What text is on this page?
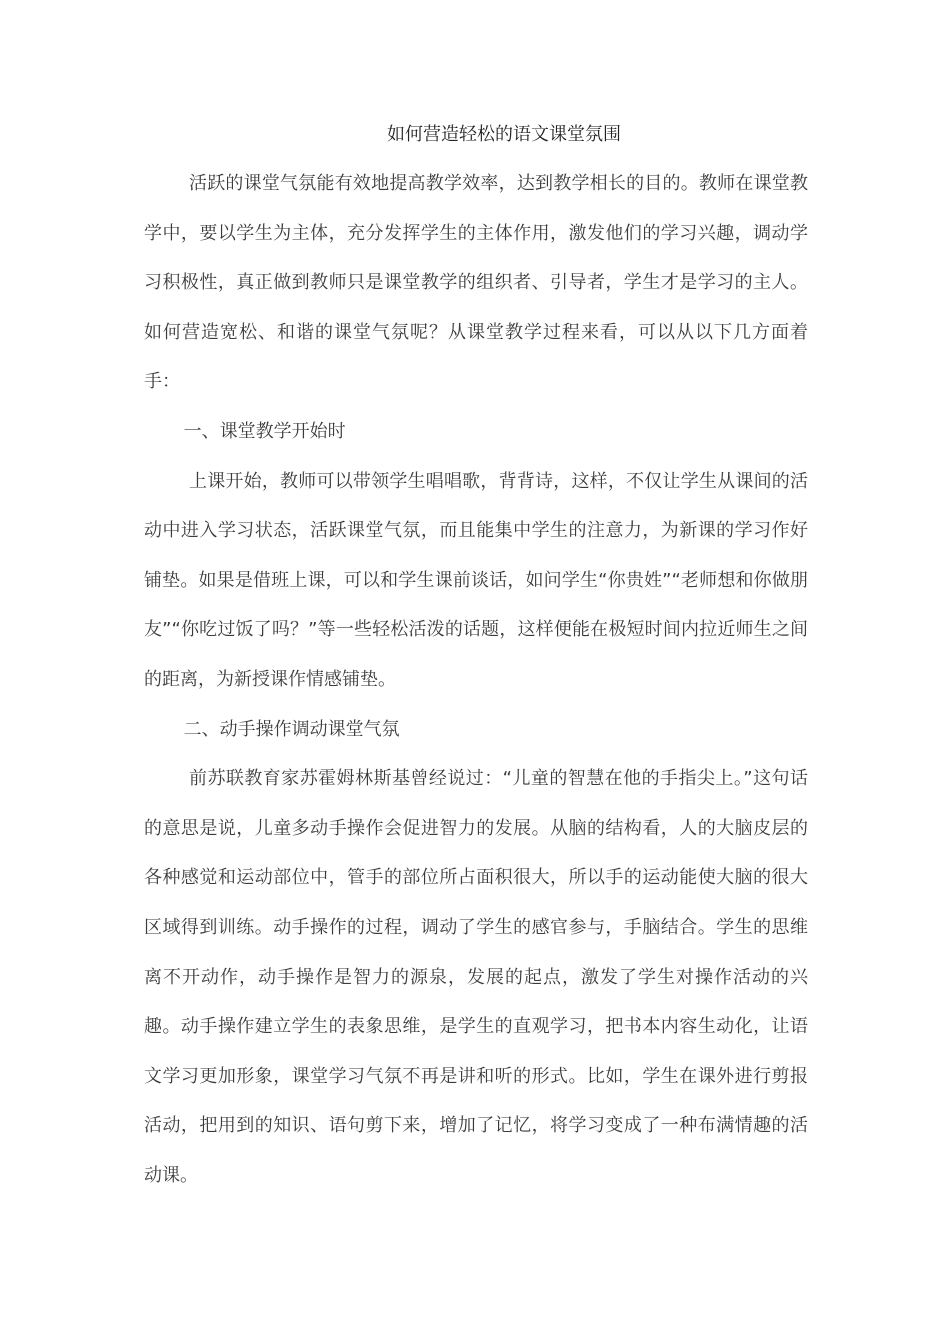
如何营造轻松的语文课堂氛围

活跃的课堂气氛能有效地提高教学效率，达到教学相长的目的。教师在课堂教学中，要以学生为主体，充分发挥学生的主体作用，激发他们的学习兴趣，调动学习积极性，真正做到教师只是课堂教学的组织者、引导者，学生才是学习的主人。如何营造宽松、和谐的课堂气氛呢？从课堂教学过程来看，可以从以下几方面着手：

一、课堂教学开始时

上课开始，教师可以带领学生唱唱歌，背背诗，这样，不仅让学生从课间的活动中进入学习状态，活跃课堂气氛，而且能集中学生的注意力，为新课的学习作好铺垫。如果是借班上课，可以和学生课前谈话，如问学生“你贵姓”“老师想和你做朋友”“你吃过饭了吗？”等一些轻松活泼的话题，这样便能在极短时间内拉近师生之间的距离，为新授课作情感铺垫。

二、动手操作调动课堂气氛

前苏联教育家苏霍姆林斯基曾经说过：“儿童的智慧在他的手指尖上。”这句话的意思是说，儿童多动手操作会促进智力的发展。从脑的结构看，人的大脑皮层的各种感觉和运动部位中，管手的部位所占面积很大，所以手的运动能使大脑的很大区域得到训练。动手操作的过程，调动了学生的感官参与，手脑结合。学生的思维离不开动作，动手操作是智力的源泉，发展的起点，激发了学生对操作活动的兴趣。动手操作建立学生的表象思维，是学生的直观学习，把书本内容生动化，让语文学习更加形象，课堂学习气氛不再是讲和听的形式。比如，学生在课外进行剪报活动，把用到的知识、语句剪下来，增加了记忆，将学习变成了一种布满情趣的活动课。
